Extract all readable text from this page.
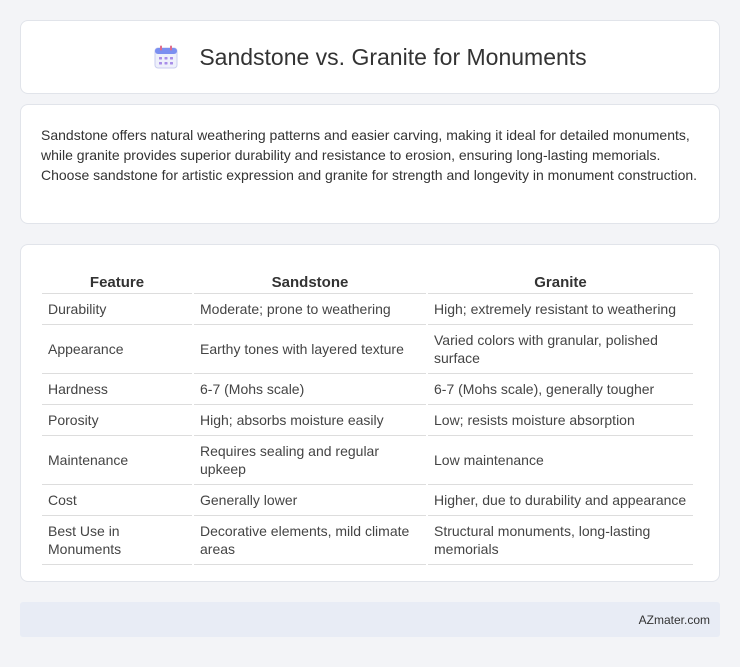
Sandstone vs. Granite for Monuments

Sandstone offers natural weathering patterns and easier carving, making it ideal for detailed monuments, while granite provides superior durability and resistance to erosion, ensuring long-lasting memorials. Choose sandstone for artistic expression and granite for strength and longevity in monument construction.

Feature	Sandstone	Granite
Durability	Moderate; prone to weathering	High; extremely resistant to weathering
Appearance	Earthy tones with layered texture	Varied colors with granular, polished surface
Hardness	6-7 (Mohs scale)	6-7 (Mohs scale), generally tougher
Porosity	High; absorbs moisture easily	Low; resists moisture absorption
Maintenance	Requires sealing and regular upkeep	Low maintenance
Cost	Generally lower	Higher, due to durability and appearance
Best Use in Monuments	Decorative elements, mild climate areas	Structural monuments, long-lasting memorials
AZmater.com
